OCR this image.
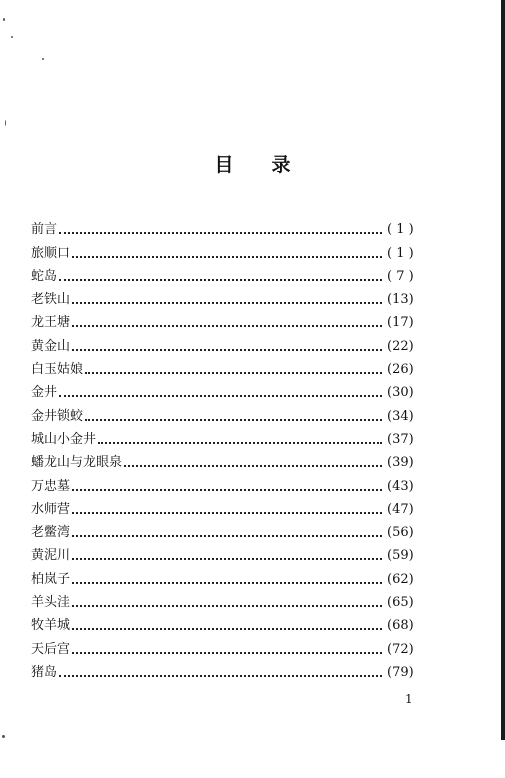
目 录
前言	( 1 )
旅顺口	( 1 )
蛇岛	( 7 )
老铁山	(13)
龙王塘	(17)
黄金山	(22)
白玉姑娘	(26)
金井	(30)
金井锁蛟	(34)
城山小金井	(37)
蟠龙山与龙眼泉	(39)
万忠墓	(43)
水师营	(47)
老鳖湾	(56)
黄泥川	(59)
柏岚子	(62)
羊头洼	(65)
牧羊城	(68)
天后宫	(72)
猪岛	(79)
1
